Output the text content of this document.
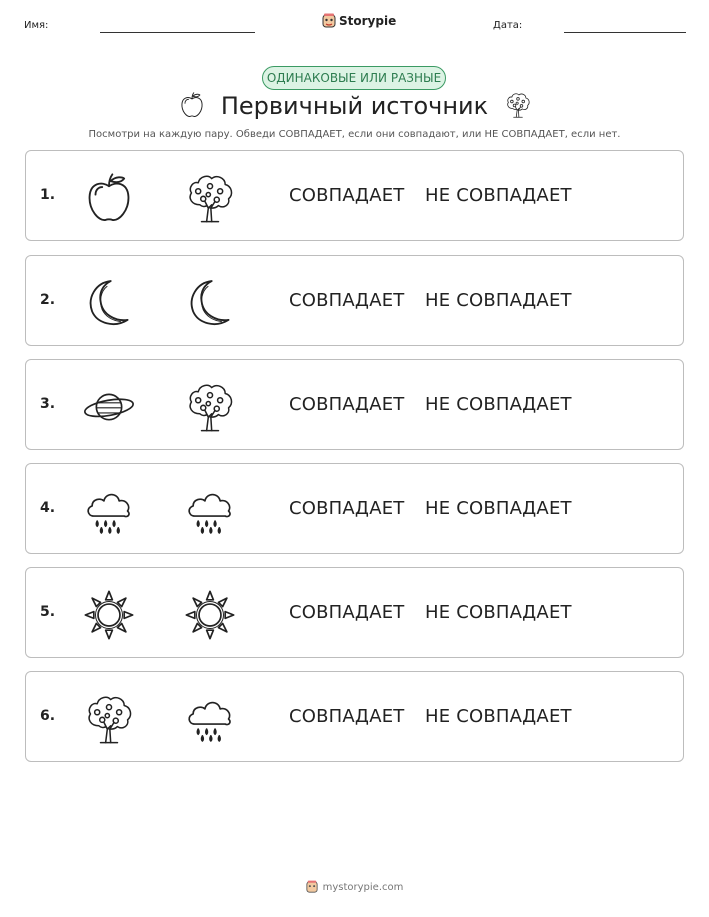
Имя:	Storypie	Дата:
ОДИНАКОВЫЕ ИЛИ РАЗНЫЕ
Первичный источник
Посмотри на каждую пару. Обведи СОВПАДАЕТ, если они совпадают, или НЕ СОВПАДАЕТ, если нет.
1.	СОВПАДАЕТ НЕ СОВПАДАЕТ
2.	СОВПАДАЕТ НЕ СОВПАДАЕТ
3.	СОВПАДАЕТ НЕ СОВПАДАЕТ
4.	СОВПАДАЕТ НЕ СОВПАДАЕТ
5.	СОВПАДАЕТ НЕ СОВПАДАЕТ
6.	СОВПАДАЕТ НЕ СОВПАДАЕТ
mystorypie.com
